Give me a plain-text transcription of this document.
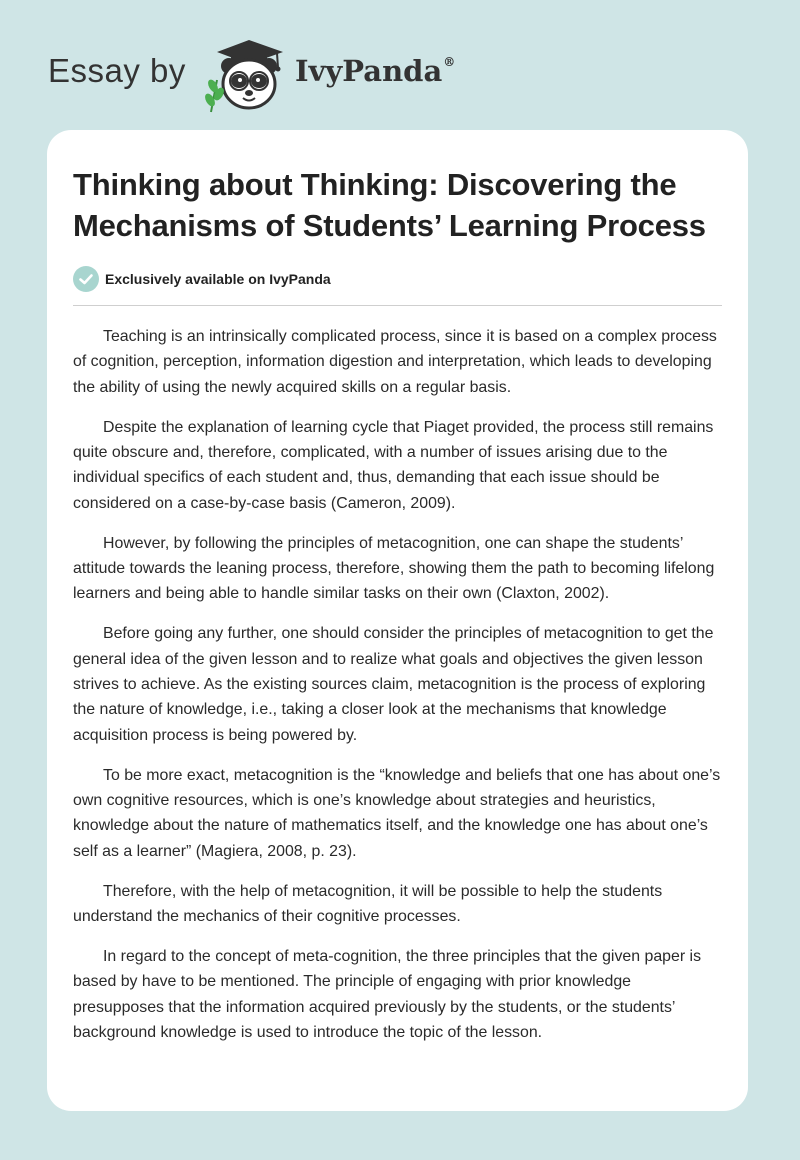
Essay by	IvyPanda®
Thinking about Thinking: Discovering the Mechanisms of Students’ Learning Process
Exclusively available on IvyPanda

Teaching is an intrinsically complicated process, since it is based on a complex process of cognition, perception, information digestion and interpretation, which leads to developing the ability of using the newly acquired skills on a regular basis.

Despite the explanation of learning cycle that Piaget provided, the process still remains quite obscure and, therefore, complicated, with a number of issues arising due to the individual specifics of each student and, thus, demanding that each issue should be considered on a case-by-case basis (Cameron, 2009).

However, by following the principles of metacognition, one can shape the students’ attitude towards the leaning process, therefore, showing them the path to becoming lifelong learners and being able to handle similar tasks on their own (Claxton, 2002).

Before going any further, one should consider the principles of metacognition to get the general idea of the given lesson and to realize what goals and objectives the given lesson strives to achieve. As the existing sources claim, metacognition is the process of exploring the nature of knowledge, i.e., taking a closer look at the mechanisms that knowledge acquisition process is being powered by.

To be more exact, metacognition is the “knowledge and beliefs that one has about one’s own cognitive resources, which is one’s knowledge about strategies and heuristics, knowledge about the nature of mathematics itself, and the knowledge one has about one’s self as a learner” (Magiera, 2008, p. 23).

Therefore, with the help of metacognition, it will be possible to help the students understand the mechanics of their cognitive processes.

In regard to the concept of meta-cognition, the three principles that the given paper is based by have to be mentioned. The principle of engaging with prior knowledge presupposes that the information acquired previously by the students, or the students’ background knowledge is used to introduce the topic of the lesson.
